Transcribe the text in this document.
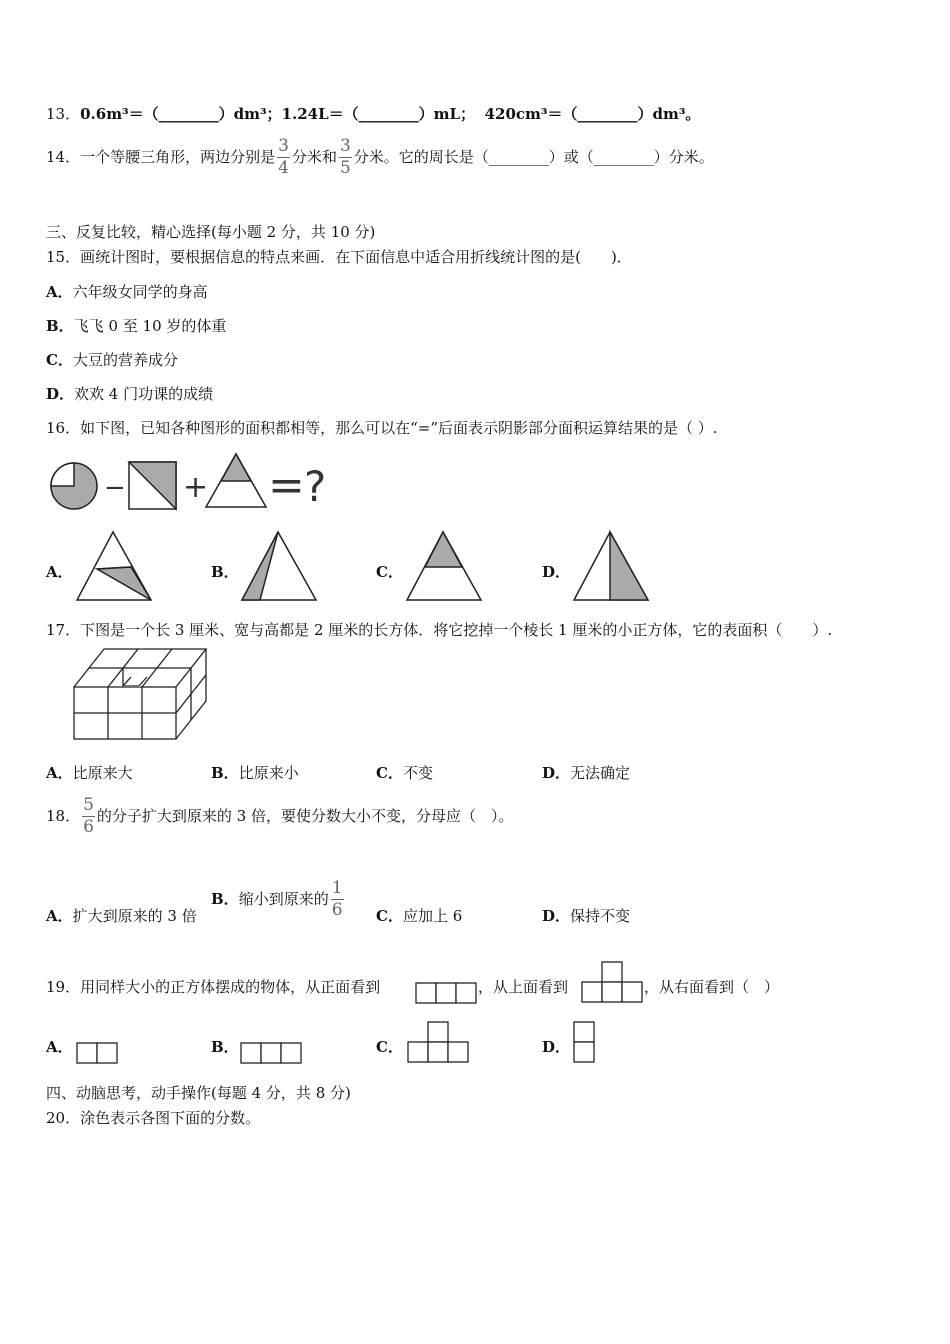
13．0.6m³＝（________）dm³；1.24L＝（________）mL； 420cm³＝（________）dm³。
14．一个等腰三角形，两边分别是 $\frac{3}{4}$ 分米和 $\frac{3}{5}$ 分米。它的周长是（________）或（________）分米。
三、反复比较，精心选择(每小题 2 分，共 10 分)
15．画统计图时，要根据信息的特点来画．在下面信息中适合用折线统计图的是(　　)．
A．六年级女同学的身高
B．飞飞 0 至 10 岁的体重
C．大豆的营养成分
D．欢欢 4 门功课的成绩
16．如下图，已知各种图形的面积都相等，那么可以在“=”后面表示阴影部分面积运算结果的是（ ）.
− + = ?
A．	B．	C．	D．
17．下图是一个长 3 厘米、宽与高都是 2 厘米的长方体．将它挖掉一个棱长 1 厘米的小正方体，它的表面积（　　）.
A．比原来大	B．比原来小	C．不变	D．无法确定
18． $\frac{5}{6}$ 的分子扩大到原来的 3 倍，要使分数大小不变，分母应（　）。
A．扩大到原来的 3 倍
B．缩小到原来的 $\frac{1}{6}$ C．应加上 6	D．保持不变
19．用同样大小的正方体摆成的物体，从正面看到	，从上面看到	，从右面看到（　）
A．	B．	C．	D．
四、动脑思考，动手操作(每题 4 分，共 8 分)
20．涂色表示各图下面的分数。
